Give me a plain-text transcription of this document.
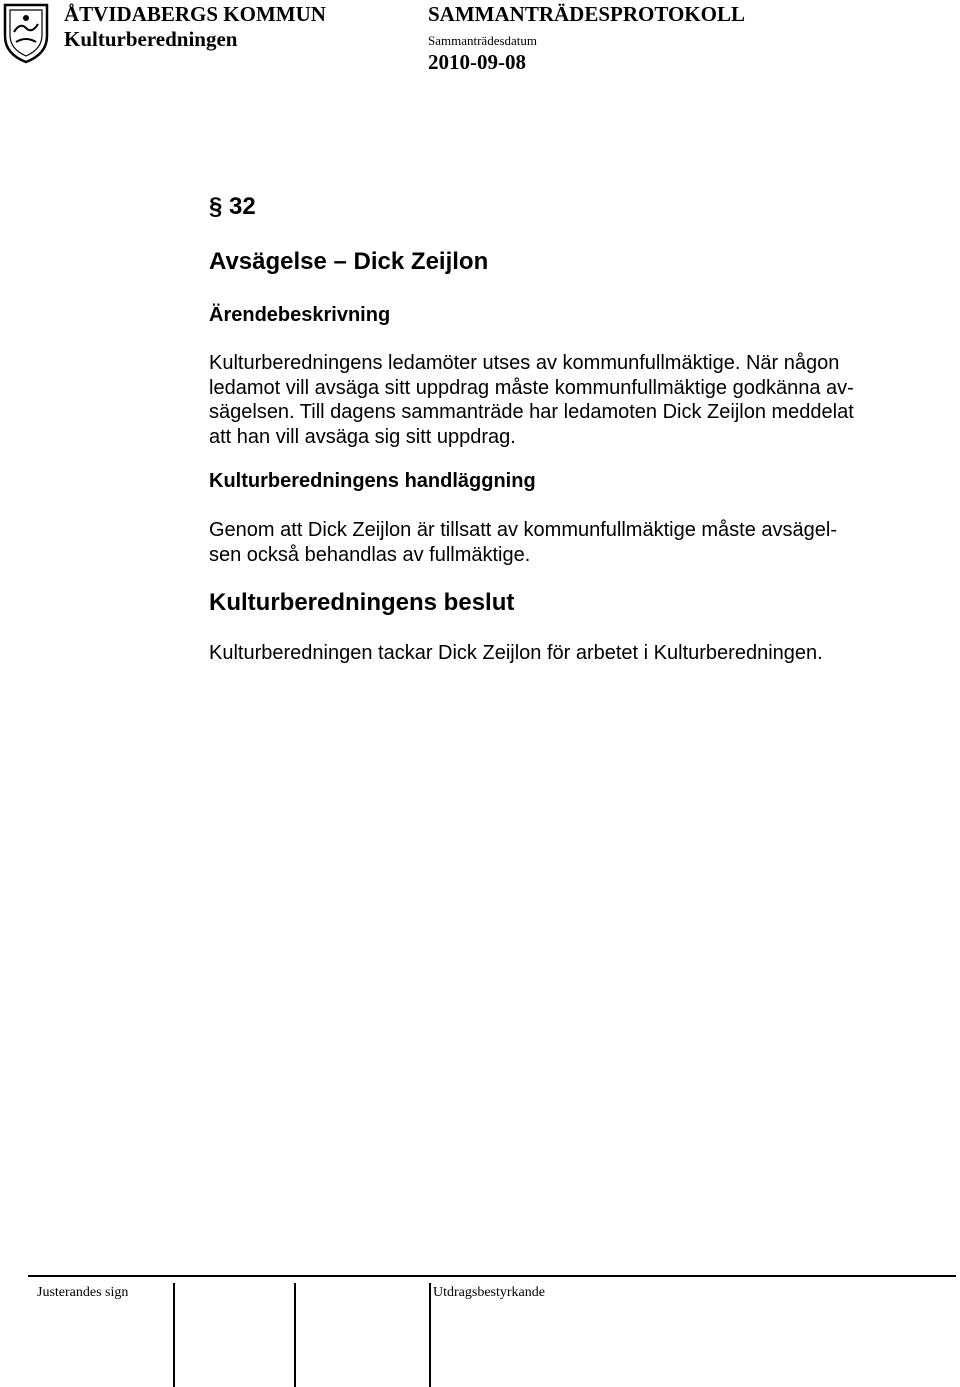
ÅTVIDABERGS KOMMUN
Kulturberedningen
SAMMANTRÄDESPROTOKOLL
Sammanträdesdatum
2010-09-08
§ 32
Avsägelse – Dick Zeijlon
Ärendebeskrivning
Kulturberedningens ledamöter utses av kommunfullmäktige. När någon
ledamot vill avsäga sitt uppdrag måste kommunfullmäktige godkänna av-
sägelsen. Till dagens sammanträde har ledamoten Dick Zeijlon meddelat
att han vill avsäga sig sitt uppdrag.
Kulturberedningens handläggning
Genom att Dick Zeijlon är tillsatt av kommunfullmäktige måste avsägel-
sen också behandlas av fullmäktige.
Kulturberedningens beslut
Kulturberedningen tackar Dick Zeijlon för arbetet i Kulturberedningen.
Justerandes sign	Utdragsbestyrkande
